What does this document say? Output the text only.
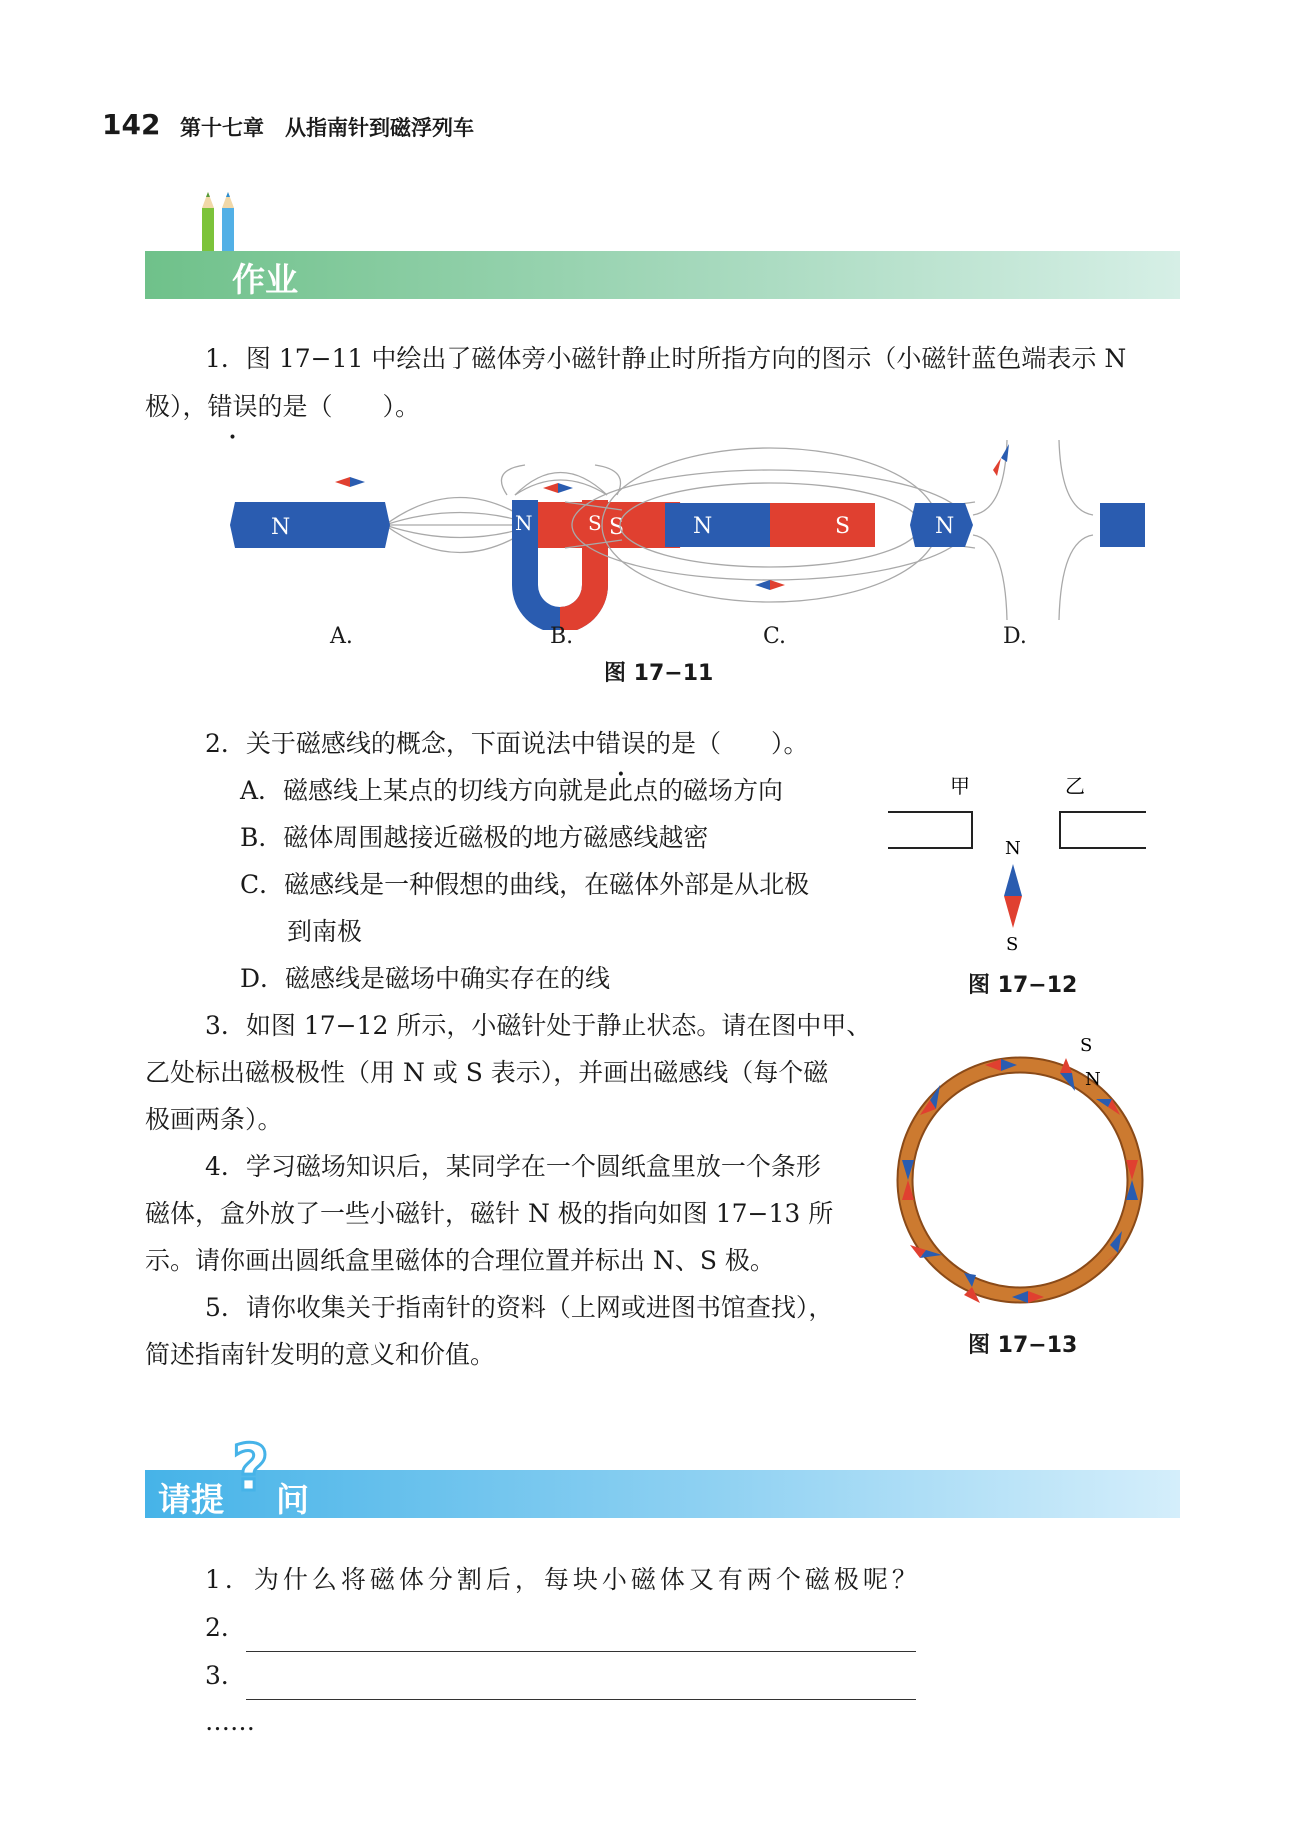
142 第十七章　从指南针到磁浮列车
作业
1．图 17−11 中绘出了磁体旁小磁针静止时所指方向的图示（小磁针蓝色端表示 N
极），错误的是（　　）。
N	S
N	S	N	S	N	N
A.	B.	C.	D.
图 17−11
2．关于磁感线的概念，下面说法中错误的是（　　）。
A．磁感线上某点的切线方向就是此点的磁场方向
B．磁体周围越接近磁极的地方磁感线越密
C．磁感线是一种假想的曲线，在磁体外部是从北极
到南极
D．磁感线是磁场中确实存在的线
甲	乙
N
S
图 17−12
3．如图 17−12 所示，小磁针处于静止状态。请在图中甲、
乙处标出磁极极性（用 N 或 S 表示），并画出磁感线（每个磁
极画两条）。
4．学习磁场知识后，某同学在一个圆纸盒里放一个条形
磁体，盒外放了一些小磁针，磁针 N 极的指向如图 17−13 所
示。请你画出圆纸盒里磁体的合理位置并标出 N、S 极。
5．请你收集关于指南针的资料（上网或进图书馆查找），
简述指南针发明的意义和价值。
S
N
图 17−13
请提 ? 问
1．为什么将磁体分割后，每块小磁体又有两个磁极呢？
2．
3．
……
